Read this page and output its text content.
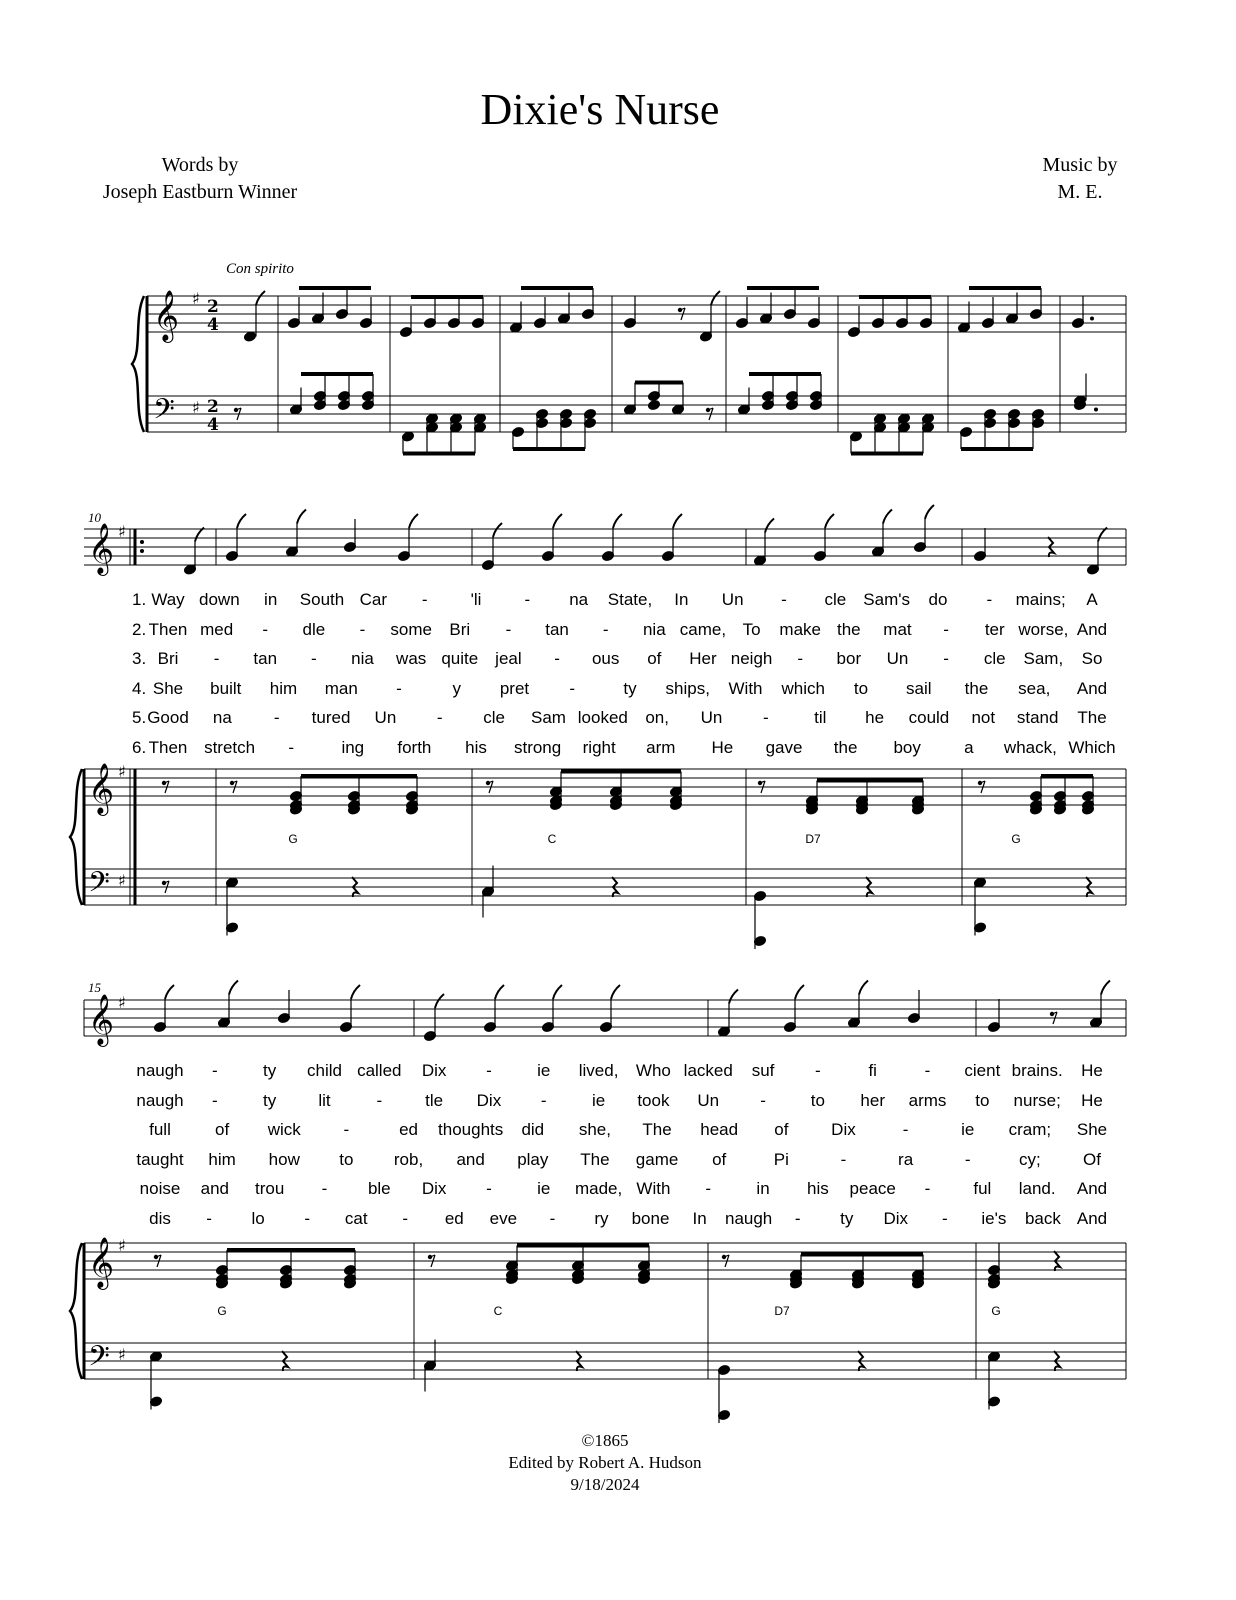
Dixie's Nurse
Words by
Joseph Eastburn Winner
Music by
M. E.
Con spirito
10
15
𝄞
𝄢
♯
♯
2
4
2
4
𝄞 ♯
𝄞
𝄢
♯
♯
𝄞 ♯
𝄞
𝄢
♯
♯
1. Way down in South Car -	'li	- na State, In Un - cle Sam's do - mains; A
2. Then med - dle - some Bri - tan - nia came, To make the mat - ter worse, And
3. Bri - tan - nia was quite jeal - ous of Her neigh - bor Un - cle Sam, So
4. She built him man -	y pret -	ty ships, With which to sail the sea, And
5. Good na - tured Un - cle Sam looked on, Un -	til he could not stand The
6. Then stretch -	ing forth his strong right arm He gave the boy	a whack, Which
naugh -	ty child called Dix -	ie lived, Who lacked suf -	fi	- cient brains. He
naugh -	ty lit	-	tle Dix -	ie took Un -	to her arms to nurse; He
full	of wick	-	ed thoughts did she, The head of	Dix	-	ie cram; She
taught him how to rob, and play The game of	Pi	-	ra	-	cy; Of
noise and trou - ble Dix -	ie made, With -	in his peace -	ful land. And
dis - lo - cat - ed eve - ry bone In naugh - ty Dix - ie's back And
G	C	D7	G
G	C	D7	G
©1865
Edited by Robert A. Hudson
9/18/2024
